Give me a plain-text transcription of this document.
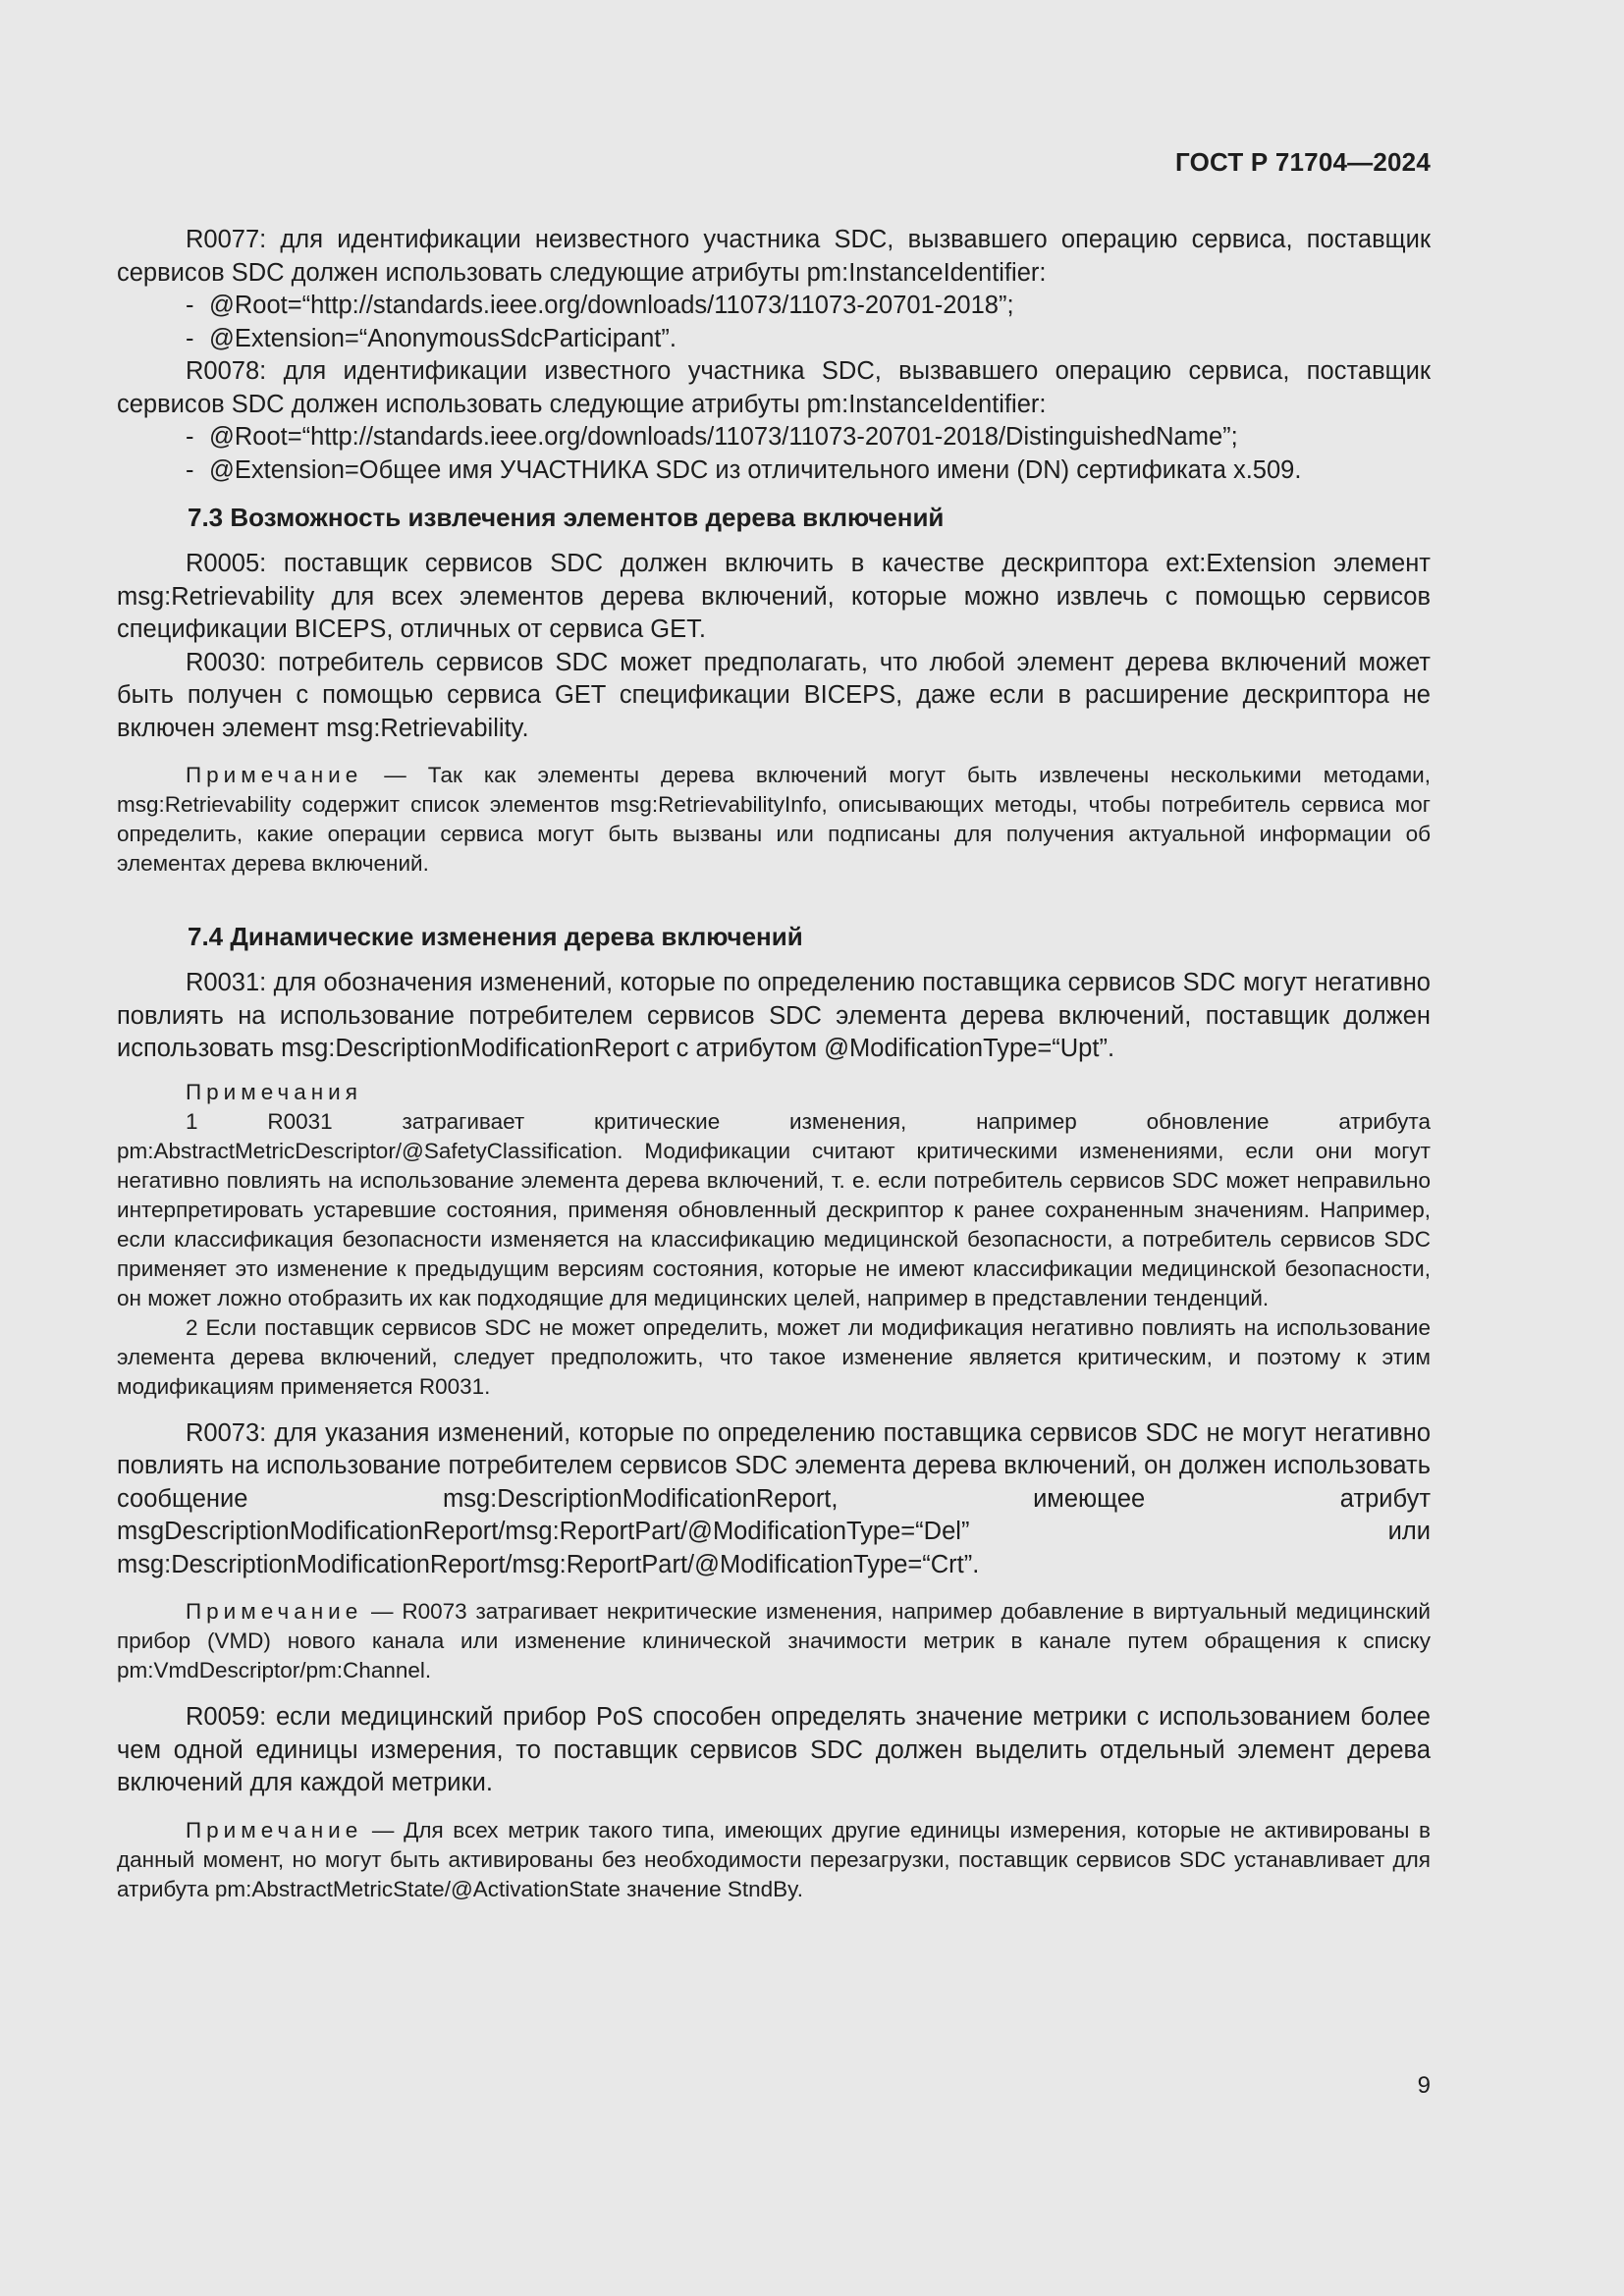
ГОСТ Р 71704—2024

R0077: для идентификации неизвестного участника SDC, вызвавшего операцию сервиса, поставщик сервисов SDC должен использовать следующие атрибуты pm:InstanceIdentifier:

- @Root=“http://standards.ieee.org/downloads/11073/11073-20701-2018”;
- @Extension=“AnonymousSdcParticipant”.

R0078: для идентификации известного участника SDC, вызвавшего операцию сервиса, поставщик сервисов SDC должен использовать следующие атрибуты pm:InstanceIdentifier:

- @Root=“http://standards.ieee.org/downloads/11073/11073-20701-2018/DistinguishedName”;
- @Extension=Общее имя УЧАСТНИКА SDC из отличительного имени (DN) сертификата x.509.
7.3 Возможность извлечения элементов дерева включений

R0005: поставщик сервисов SDC должен включить в качестве дескриптора ext:Extension элемент msg:Retrievability для всех элементов дерева включений, которые можно извлечь с помощью сервисов спецификации BICEPS, отличных от сервиса GET.

R0030: потребитель сервисов SDC может предполагать, что любой элемент дерева включений может быть получен с помощью сервиса GET спецификации BICEPS, даже если в расширение дескриптора не включен элемент msg:Retrievability.

Примечание — Так как элементы дерева включений могут быть извлечены несколькими методами, msg:Retrievability содержит список элементов msg:RetrievabilityInfo, описывающих методы, чтобы потребитель сервиса мог определить, какие операции сервиса могут быть вызваны или подписаны для получения актуальной информации об элементах дерева включений.

7.4 Динамические изменения дерева включений

R0031: для обозначения изменений, которые по определению поставщика сервисов SDC могут негативно повлиять на использование потребителем сервисов SDC элемента дерева включений, поставщик должен использовать msg:DescriptionModificationReport с атрибутом @ModificationType=“Upt”.

Примечания

1 R0031 затрагивает критические изменения, например обновление атрибута pm:AbstractMetricDescriptor/@SafetyClassification. Модификации считают критическими изменениями, если они могут негативно повлиять на использование элемента дерева включений, т. е. если потребитель сервисов SDC может неправильно интерпретировать устаревшие состояния, применяя обновленный дескриптор к ранее сохраненным значениям. Например, если классификация безопасности изменяется на классификацию медицинской безопасности, а потребитель сервисов SDC применяет это изменение к предыдущим версиям состояния, которые не имеют классификации медицинской безопасности, он может ложно отобразить их как подходящие для медицинских целей, например в представлении тенденций.

2 Если поставщик сервисов SDC не может определить, может ли модификация негативно повлиять на использование элемента дерева включений, следует предположить, что такое изменение является критическим, и поэтому к этим модификациям применяется R0031.

R0073: для указания изменений, которые по определению поставщика сервисов SDC не могут негативно повлиять на использование потребителем сервисов SDC элемента дерева включений, он должен использовать сообщение msg:DescriptionModificationReport, имеющее атрибут msgDescriptionModificationReport/msg:ReportPart/@ModificationType=“Del” или msg:DescriptionModificationReport/msg:ReportPart/@ModificationType=“Crt”.

Примечание — R0073 затрагивает некритические изменения, например добавление в виртуальный медицинский прибор (VMD) нового канала или изменение клинической значимости метрик в канале путем обращения к списку pm:VmdDescriptor/pm:Channel.

R0059: если медицинский прибор PoS способен определять значение метрики с использованием более чем одной единицы измерения, то поставщик сервисов SDC должен выделить отдельный элемент дерева включений для каждой метрики.

Примечание — Для всех метрик такого типа, имеющих другие единицы измерения, которые не активированы в данный момент, но могут быть активированы без необходимости перезагрузки, поставщик сервисов SDC устанавливает для атрибута pm:AbstractMetricState/@ActivationState значение StndBy.

9
